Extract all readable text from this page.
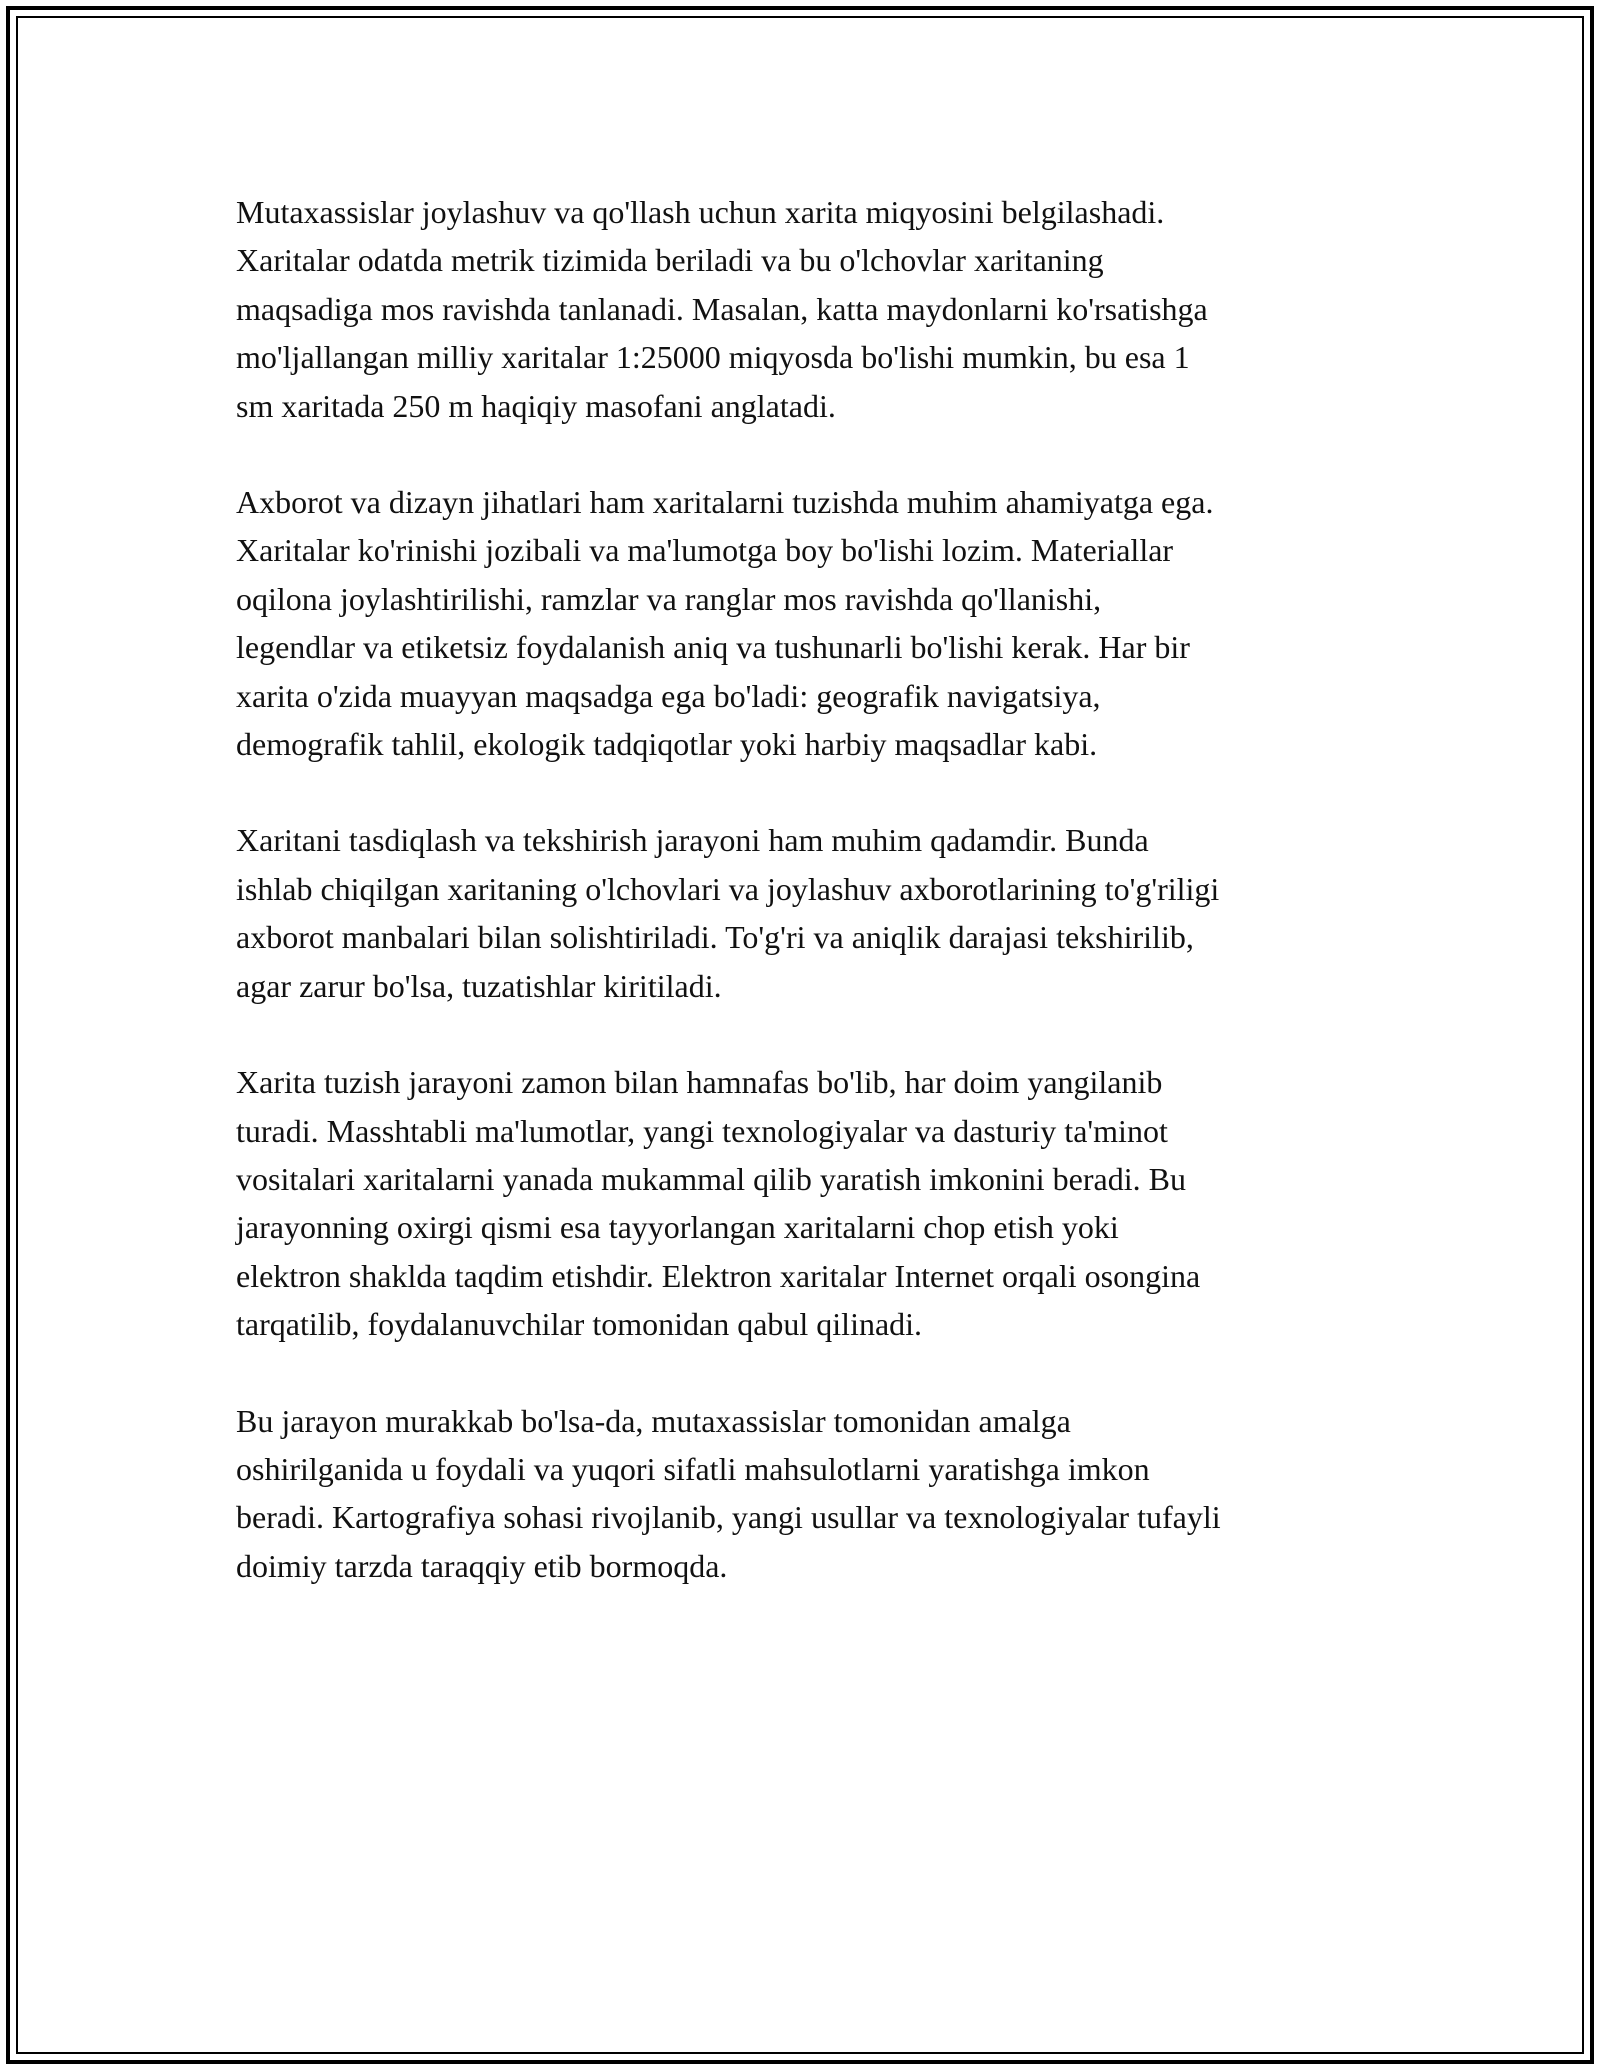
Mutaxassislar joylashuv va qo'llash uchun xarita miqyosini belgilashadi.
Xaritalar odatda metrik tizimida beriladi va bu o'lchovlar xaritaning
maqsadiga mos ravishda tanlanadi. Masalan, katta maydonlarni ko'rsatishga
mo'ljallangan milliy xaritalar 1:25000 miqyosda bo'lishi mumkin, bu esa 1
sm xaritada 250 m haqiqiy masofani anglatadi.

Axborot va dizayn jihatlari ham xaritalarni tuzishda muhim ahamiyatga ega.
Xaritalar ko'rinishi jozibali va ma'lumotga boy bo'lishi lozim. Materiallar
oqilona joylashtirilishi, ramzlar va ranglar mos ravishda qo'llanishi,
legendlar va etiketsiz foydalanish aniq va tushunarli bo'lishi kerak. Har bir
xarita o'zida muayyan maqsadga ega bo'ladi: geografik navigatsiya,
demografik tahlil, ekologik tadqiqotlar yoki harbiy maqsadlar kabi.

Xaritani tasdiqlash va tekshirish jarayoni ham muhim qadamdir. Bunda
ishlab chiqilgan xaritaning o'lchovlari va joylashuv axborotlarining to'g'riligi
axborot manbalari bilan solishtiriladi. To'g'ri va aniqlik darajasi tekshirilib,
agar zarur bo'lsa, tuzatishlar kiritiladi.

Xarita tuzish jarayoni zamon bilan hamnafas bo'lib, har doim yangilanib
turadi. Masshtabli ma'lumotlar, yangi texnologiyalar va dasturiy ta'minot
vositalari xaritalarni yanada mukammal qilib yaratish imkonini beradi. Bu
jarayonning oxirgi qismi esa tayyorlangan xaritalarni chop etish yoki
elektron shakldа taqdim etishdir. Elektron xaritalar Internet orqali osongina
tarqatilib, foydalanuvchilar tomonidan qabul qilinadi.

Bu jarayon murakkab bo'lsa-da, mutaxassislar tomonidan amalga
oshirilganida u foydali va yuqori sifatli mahsulotlarni yaratishga imkon
beradi. Kartografiya sohasi rivojlanib, yangi usullar va texnologiyalar tufayli
doimiy tarzda taraqqiy etib bormoqda.
